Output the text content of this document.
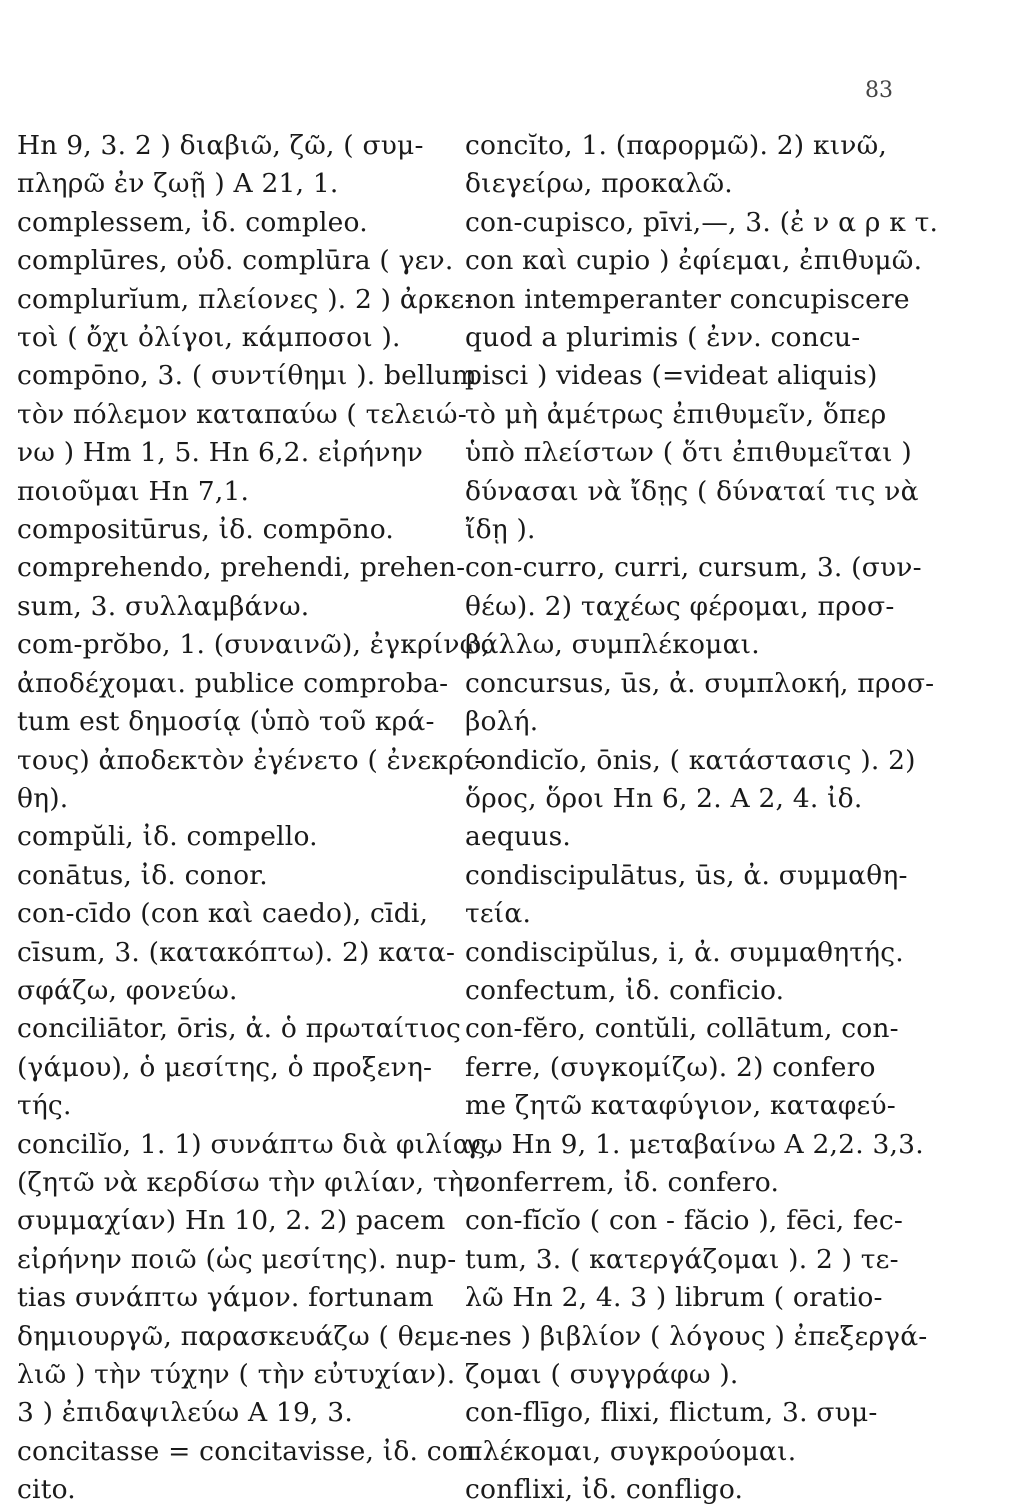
83
Hn 9, 3. 2 ) διαβιῶ, ζῶ, ( συμ-
πληρῶ ἐν ζωῇ ) Α 21, 1.
complessem, ἰδ. compleo.
complūres, οὐδ. complūra ( γεν.
complurĭum, πλείονες ). 2 ) ἀρκε-
τοὶ ( ὄχι ὀλίγοι, κάμποσοι ).
compōno, 3. ( συντίθημι ). bellum
τὸν πόλεμον καταπαύω ( τελειώ-
νω ) Hm 1, 5. Hn 6,2. εἰρήνην
ποιοῦμαι Hn 7,1.
compositūrus, ἰδ. compōno.
comprehendo, prehendi, prehen-
sum, 3. συλλαμβάνω.
com-prŏbo, 1. (συναινῶ), ἐγκρίνω,
ἀποδέχομαι. publice comproba-
tum est δημοσίᾳ (ὑπὸ τοῦ κρά-
τους) ἀποδεκτὸν ἐγένετο ( ἐνεκρί-
θη).
compŭli, ἰδ. compello.
conātus, ἰδ. conor.
con-cīdo (con καὶ caedo), cīdi,
cīsum, 3. (κατακόπτω). 2) κατα-
σφάζω, φονεύω.
conciliātor, ōris, ἀ. ὁ πρωταίτιος
(γάμου), ὁ μεσίτης, ὁ προξενη-
τής.
concilĭo, 1. 1) συνάπτω διὰ φιλίας,
(ζητῶ νὰ κερδίσω τὴν φιλίαν, τὴν
συμμαχίαν) Hn 10, 2. 2) pacem
εἰρήνην ποιῶ (ὡς μεσίτης). nup-
tias συνάπτω γάμον. fortunam
δημιουργῶ, παρασκευάζω ( θεμε-
λιῶ ) τὴν τύχην ( τὴν εὐτυχίαν).
3 ) ἐπιδαψιλεύω Α 19, 3.
concitasse = concitavisse, ἰδ. con
cito.
concĭto, 1. (παρορμῶ). 2) κινῶ,
διεγείρω, προκαλῶ.
con-cupisco, pīvi,—, 3. (ἐ ν α ρ κ τ.
con καὶ cupio ) ἐφίεμαι, ἐπιθυμῶ.
non intemperanter concupiscere
quod a plurimis ( ἐνν. concu-
pisci ) videas (=videat aliquis)
τὸ μὴ ἀμέτρως ἐπιθυμεῖν, ὅπερ
ὑπὸ πλείστων ( ὅτι ἐπιθυμεῖται )
δύνασαι νὰ ἴδῃς ( δύναταί τις νὰ
ἴδῃ ).
con-curro, curri, cursum, 3. (συν-
θέω). 2) ταχέως φέρομαι, προσ-
βάλλω, συμπλέκομαι.
concursus, ūs, ἀ. συμπλοκή, προσ-
βολή.
condicĭo, ōnis, ( κατάστασις ). 2)
ὅρος, ὅροι Hn 6, 2. A 2, 4. ἰδ.
aequus.
condiscipulātus, ūs, ἀ. συμμαθη-
τεία.
condiscipŭlus, i, ἀ. συμμαθητής.
confectum, ἰδ. conficio.
con-fĕro, contŭli, collātum, con-
ferre, (συγκομίζω). 2) confero
me ζητῶ καταφύγιον, καταφεύ-
γω Hn 9, 1. μεταβαίνω Α 2,2. 3,3.
conferrem, ἰδ. confero.
con-fĭcĭo ( con - făcio ), fēci, fec-
tum, 3. ( κατεργάζομαι ). 2 ) τε-
λῶ Hn 2, 4. 3 ) librum ( oratio-
nes ) βιβλίον ( λόγους ) ἐπεξεργά-
ζομαι ( συγγράφω ).
con-flīgo, flixi, flictum, 3. συμ-
πλέκομαι, συγκρούομαι.
conflixi, ἰδ. confligo.
